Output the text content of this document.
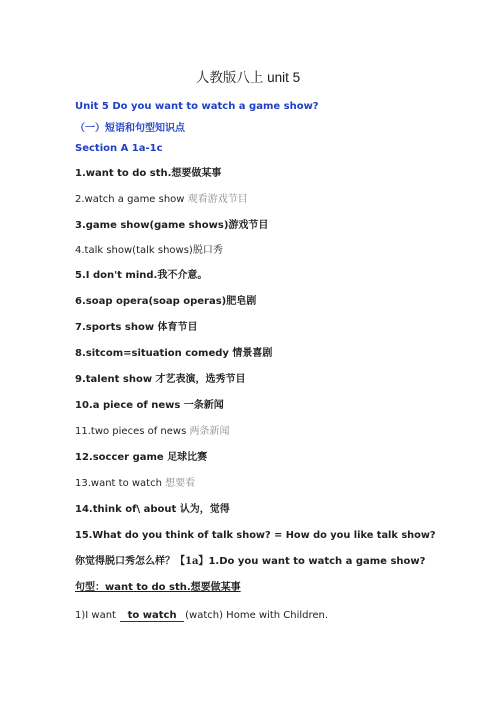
人教版八上 unit 5
Unit 5 Do you want to watch a game show?
（一）短语和句型知识点
Section A 1a-1c
1.want to do sth.想要做某事
2.watch a game show 观看游戏节目
3.game show(game shows)游戏节目
4.talk show(talk shows)脱口秀
5.I don't mind.我不介意。
6.soap opera(soap operas)肥皂剧
7.sports show 体育节目
8.sitcom=situation comedy 情景喜剧
9.talent show 才艺表演，选秀节目
10.a piece of news 一条新闻
11.two pieces of news 两条新闻
12.soccer game 足球比赛
13.want to watch 想要看
14.think of\ about 认为，觉得
15.What do you think of talk show? = How do you like talk show?
你觉得脱口秀怎么样？【1a】1.Do you want to watch a game show?
句型：want to do sth.想要做某事
1)I want to watch (watch) Home with Children.
